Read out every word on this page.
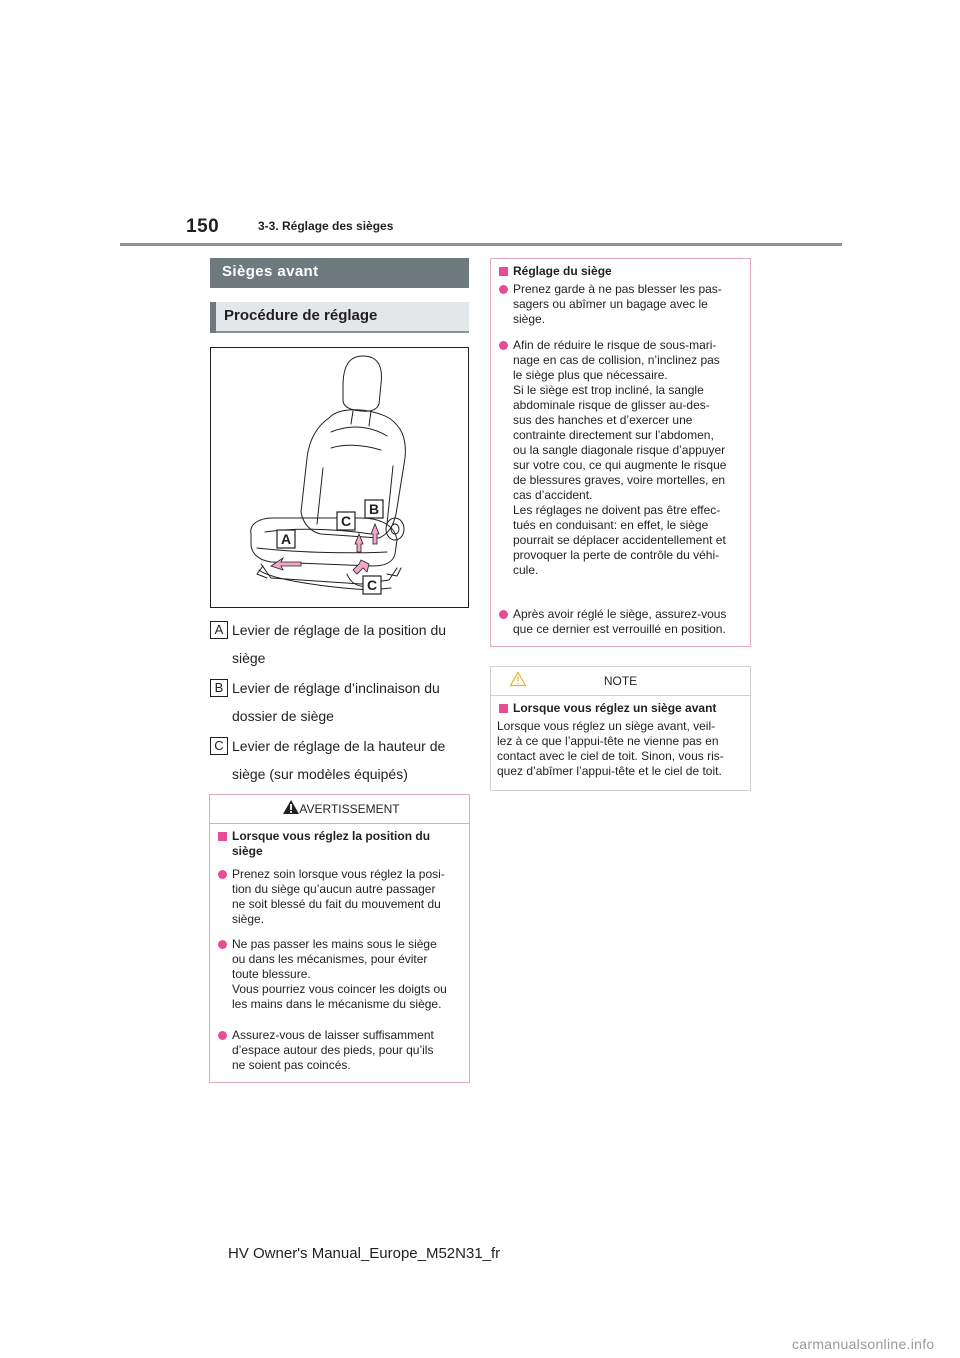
150	3-3. Réglage des sièges
Sièges avant
Procédure de réglage
B
C
A
C
A Levier de réglage de la position du siège
B Levier de réglage d’inclinaison du dossier de siège
C Levier de réglage de la hauteur de siège (sur modèles équipés)
AVERTISSEMENT
Lorsque vous réglez la position du siège
Prenez soin lorsque vous réglez la posi-
tion du siège qu’aucun autre passager
ne soit blessé du fait du mouvement du
siège.
Ne pas passer les mains sous le siège
ou dans les mécanismes, pour éviter
toute blessure.
Vous pourriez vous coincer les doigts ou
les mains dans le mécanisme du siège.
Assurez-vous de laisser suffisamment
d’espace autour des pieds, pour qu’ils
ne soient pas coincés.
Réglage du siège
Prenez garde à ne pas blesser les pas-
sagers ou abîmer un bagage avec le
siège.
Afin de réduire le risque de sous-mari-
nage en cas de collision, n’inclinez pas
le siège plus que nécessaire.
Si le siège est trop incliné, la sangle
abdominale risque de glisser au-des-
sus des hanches et d’exercer une
contrainte directement sur l’abdomen,
ou la sangle diagonale risque d’appuyer
sur votre cou, ce qui augmente le risque
de blessures graves, voire mortelles, en
cas d’accident.
Les réglages ne doivent pas être effec-
tués en conduisant: en effet, le siège
pourrait se déplacer accidentellement et
provoquer la perte de contrôle du véhi-
cule.
Après avoir réglé le siège, assurez-vous
que ce dernier est verrouillé en position.
NOTE
Lorsque vous réglez un siège avant
Lorsque vous réglez un siège avant, veil-
lez à ce que l’appui-tête ne vienne pas en
contact avec le ciel de toit. Sinon, vous ris-
quez d’abîmer l’appui-tête et le ciel de toit.
HV Owner's Manual_Europe_M52N31_fr
carmanualsonline.info
